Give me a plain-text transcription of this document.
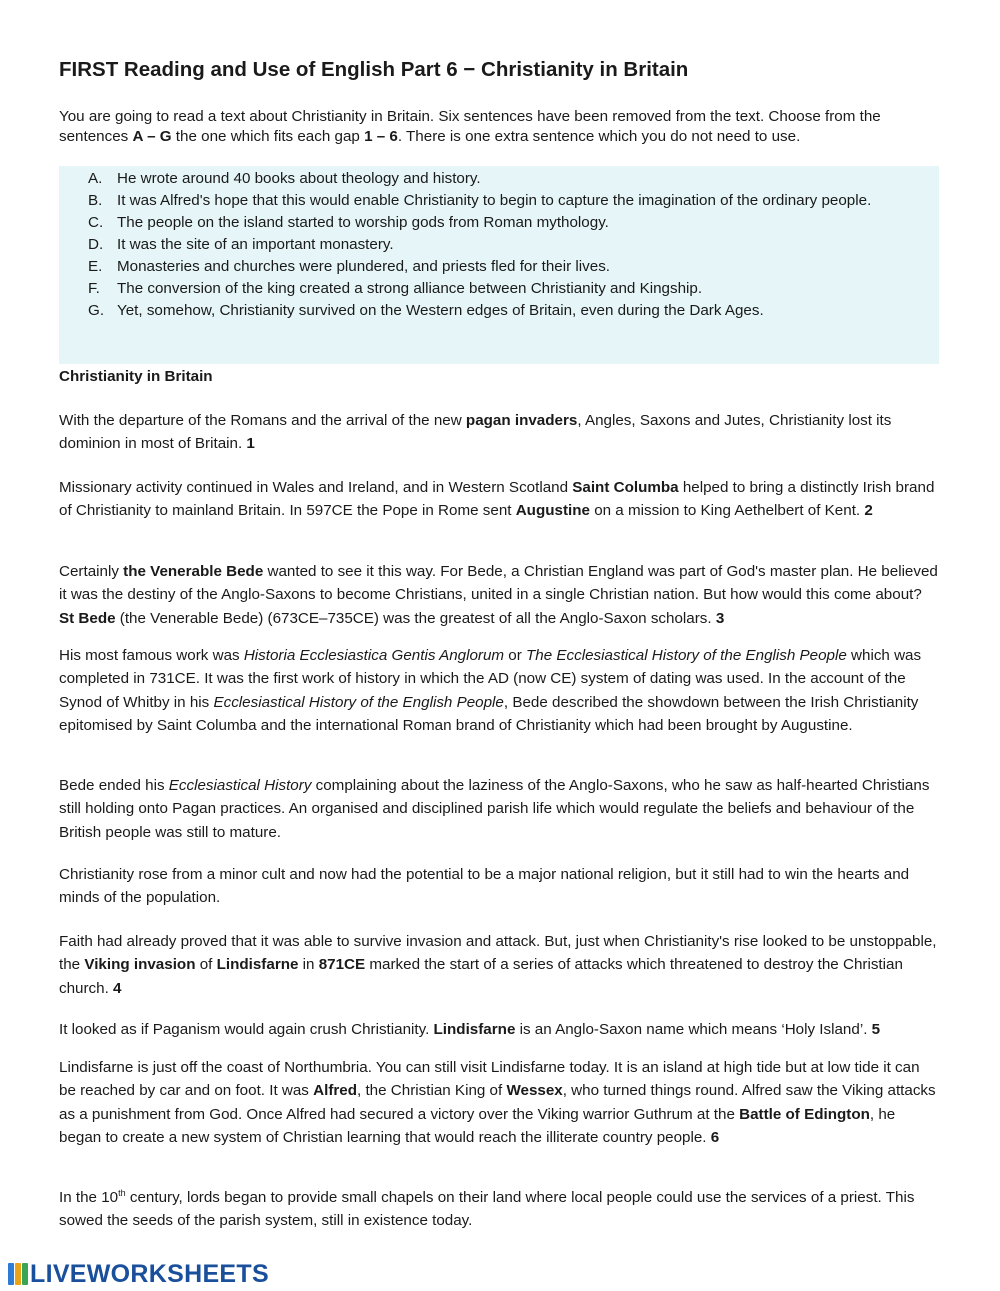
FIRST Reading and Use of English Part 6 − Christianity in Britain
You are going to read a text about Christianity in Britain. Six sentences have been removed from the text. Choose from the sentences A – G the one which fits each gap 1 – 6. There is one extra sentence which you do not need to use.
A. He wrote around 40 books about theology and history.
B. It was Alfred's hope that this would enable Christianity to begin to capture the imagination of the ordinary people.
C. The people on the island started to worship gods from Roman mythology.
D. It was the site of an important monastery.
E. Monasteries and churches were plundered, and priests fled for their lives.
F.	The conversion of the king created a strong alliance between Christianity and Kingship.
G. Yet, somehow, Christianity survived on the Western edges of Britain, even during the Dark Ages.
Christianity in Britain

With the departure of the Romans and the arrival of the new pagan invaders, Angles, Saxons and Jutes, Christianity lost its dominion in most of Britain. 1

Missionary activity continued in Wales and Ireland, and in Western Scotland Saint Columba helped to bring a distinctly Irish brand of Christianity to mainland Britain. In 597CE the Pope in Rome sent Augustine on a mission to King Aethelbert of Kent. 2

Certainly the Venerable Bede wanted to see it this way. For Bede, a Christian England was part of God's master plan. He believed it was the destiny of the Anglo-Saxons to become Christians, united in a single Christian nation. But how would this come about? St Bede (the Venerable Bede) (673CE–735CE) was the greatest of all the Anglo-Saxon scholars. 3

His most famous work was Historia Ecclesiastica Gentis Anglorum or The Ecclesiastical History of the English People which was completed in 731CE. It was the first work of history in which the AD (now CE) system of dating was used. In the account of the Synod of Whitby in his Ecclesiastical History of the English People, Bede described the showdown between the Irish Christianity epitomised by Saint Columba and the international Roman brand of Christianity which had been brought by Augustine.

Bede ended his Ecclesiastical History complaining about the laziness of the Anglo-Saxons, who he saw as half-hearted Christians still holding onto Pagan practices. An organised and disciplined parish life which would regulate the beliefs and behaviour of the British people was still to mature.

Christianity rose from a minor cult and now had the potential to be a major national religion, but it still had to win the hearts and minds of the population.

Faith had already proved that it was able to survive invasion and attack. But, just when Christianity's rise looked to be unstoppable, the Viking invasion of Lindisfarne in 871CE marked the start of a series of attacks which threatened to destroy the Christian church. 4

It looked as if Paganism would again crush Christianity. Lindisfarne is an Anglo-Saxon name which means ‘Holy Island’. 5

Lindisfarne is just off the coast of Northumbria. You can still visit Lindisfarne today. It is an island at high tide but at low tide it can be reached by car and on foot. It was Alfred, the Christian King of Wessex, who turned things round. Alfred saw the Viking attacks as a punishment from God. Once Alfred had secured a victory over the Viking warrior Guthrum at the Battle of Edington, he began to create a new system of Christian learning that would reach the illiterate country people. 6

In the 10th century, lords began to provide small chapels on their land where local people could use the services of a priest. This sowed the seeds of the parish system, still in existence today.

LIVEWORKSHEETS
